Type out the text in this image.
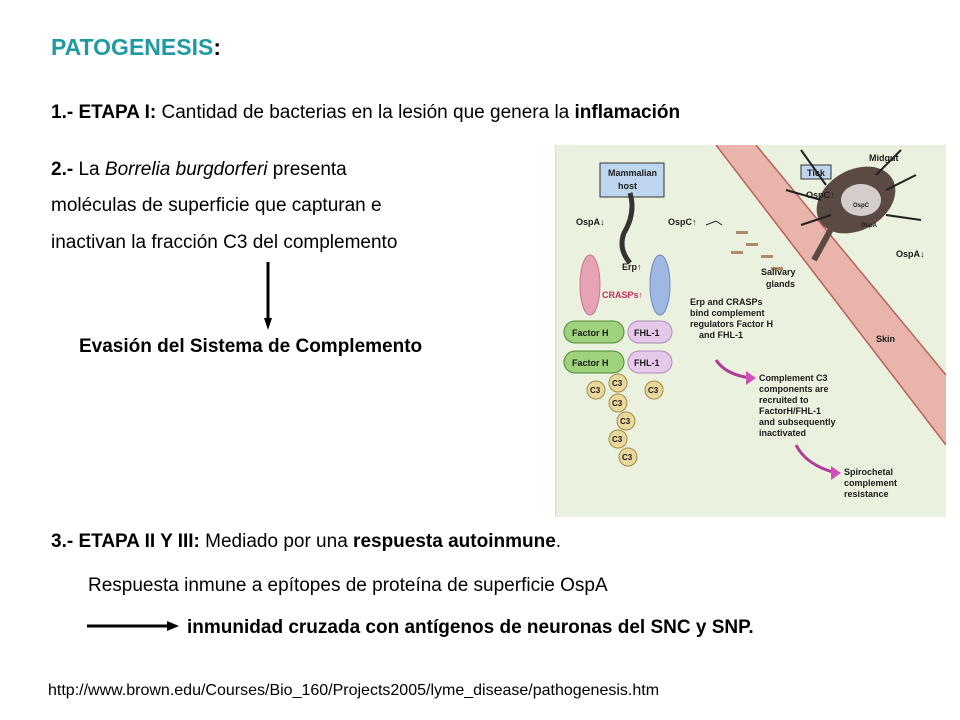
PATOGENESIS:
1.- ETAPA I: Cantidad de bacterias en la lesión que genera la inflamación
2.- La Borrelia burgdorferi presenta
moléculas de superficie que capturan e
inactivan la fracción C3 del complemento
Evasión del Sistema de Complemento
Mammalian
host
Tick
Midgut
OspC↑
OspA↓
OspC
OspA
OspA↓	OspC↑
Erp↑
CRASPs↑
Salivary
glands
Factor H
Factor H
FHL-1
FHL-1
C3
C3
C3
C3
C3
C3
C3
Erp and CRASPs
bind complement
regulators Factor H
and FHL-1	Skin
Complement C3
components are
recruited to
FactorH/FHL-1
and subsequently
inactivated
Spirochetal
complement
resistance
3.- ETAPA II Y III: Mediado por una respuesta autoinmune.
Respuesta inmune a epítopes de proteína de superficie OspA
inmunidad cruzada con antígenos de neuronas del SNC y SNP.
http://www.brown.edu/Courses/Bio_160/Projects2005/lyme_disease/pathogenesis.htm
